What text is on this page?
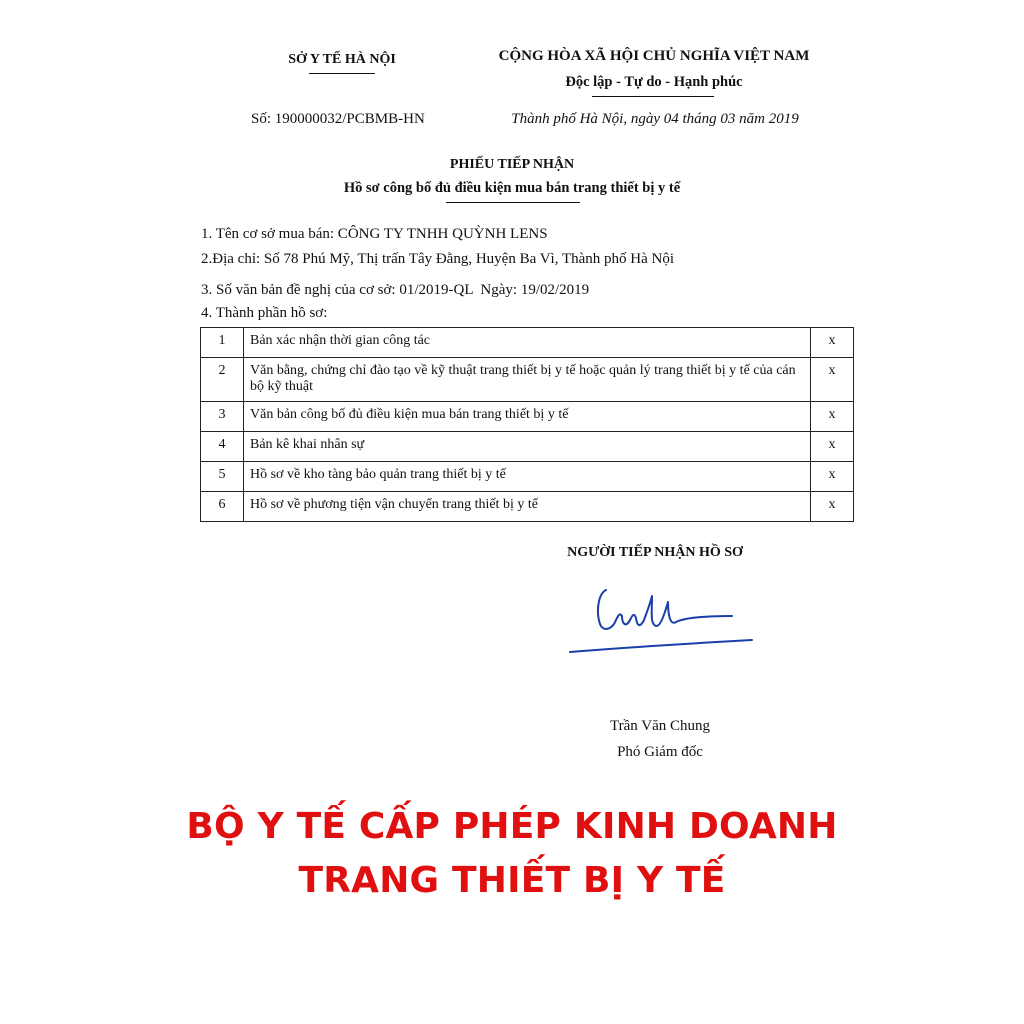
SỞ Y TẾ HÀ NỘI	CỘNG HÒA XÃ HỘI CHỦ NGHĨA VIỆT NAM
Độc lập - Tự do - Hạnh phúc
Số: 190000032/PCBMB-HN	Thành phố Hà Nội, ngày 04 tháng 03 năm 2019
PHIẾU TIẾP NHẬN
Hồ sơ công bố đủ điều kiện mua bán trang thiết bị y tế
1. Tên cơ sở mua bán: CÔNG TY TNHH QUỲNH LENS
2.Địa chỉ: Số 78 Phú Mỹ, Thị trấn Tây Đằng, Huyện Ba Vì, Thành phố Hà Nội
3. Số văn bản đề nghị của cơ sở: 01/2019-QL  Ngày: 19/02/2019
4. Thành phần hồ sơ:
1	Bản xác nhận thời gian công tác	x
2	Văn bằng, chứng chỉ đào tạo về kỹ thuật trang thiết bị y tế hoặc quản lý trang thiết bị y tế của cán bộ kỹ thuật	x
3	Văn bản công bố đủ điều kiện mua bán trang thiết bị y tế	x
4	Bản kê khai nhân sự	x
5	Hồ sơ về kho tàng bảo quản trang thiết bị y tế	x
6	Hồ sơ về phương tiện vận chuyển trang thiết bị y tế	x
NGƯỜI TIẾP NHẬN HỒ SƠ
Trần Văn Chung
Phó Giám đốc
BỘ Y TẾ CẤP PHÉP KINH DOANH
TRANG THIẾT BỊ Y TẾ
